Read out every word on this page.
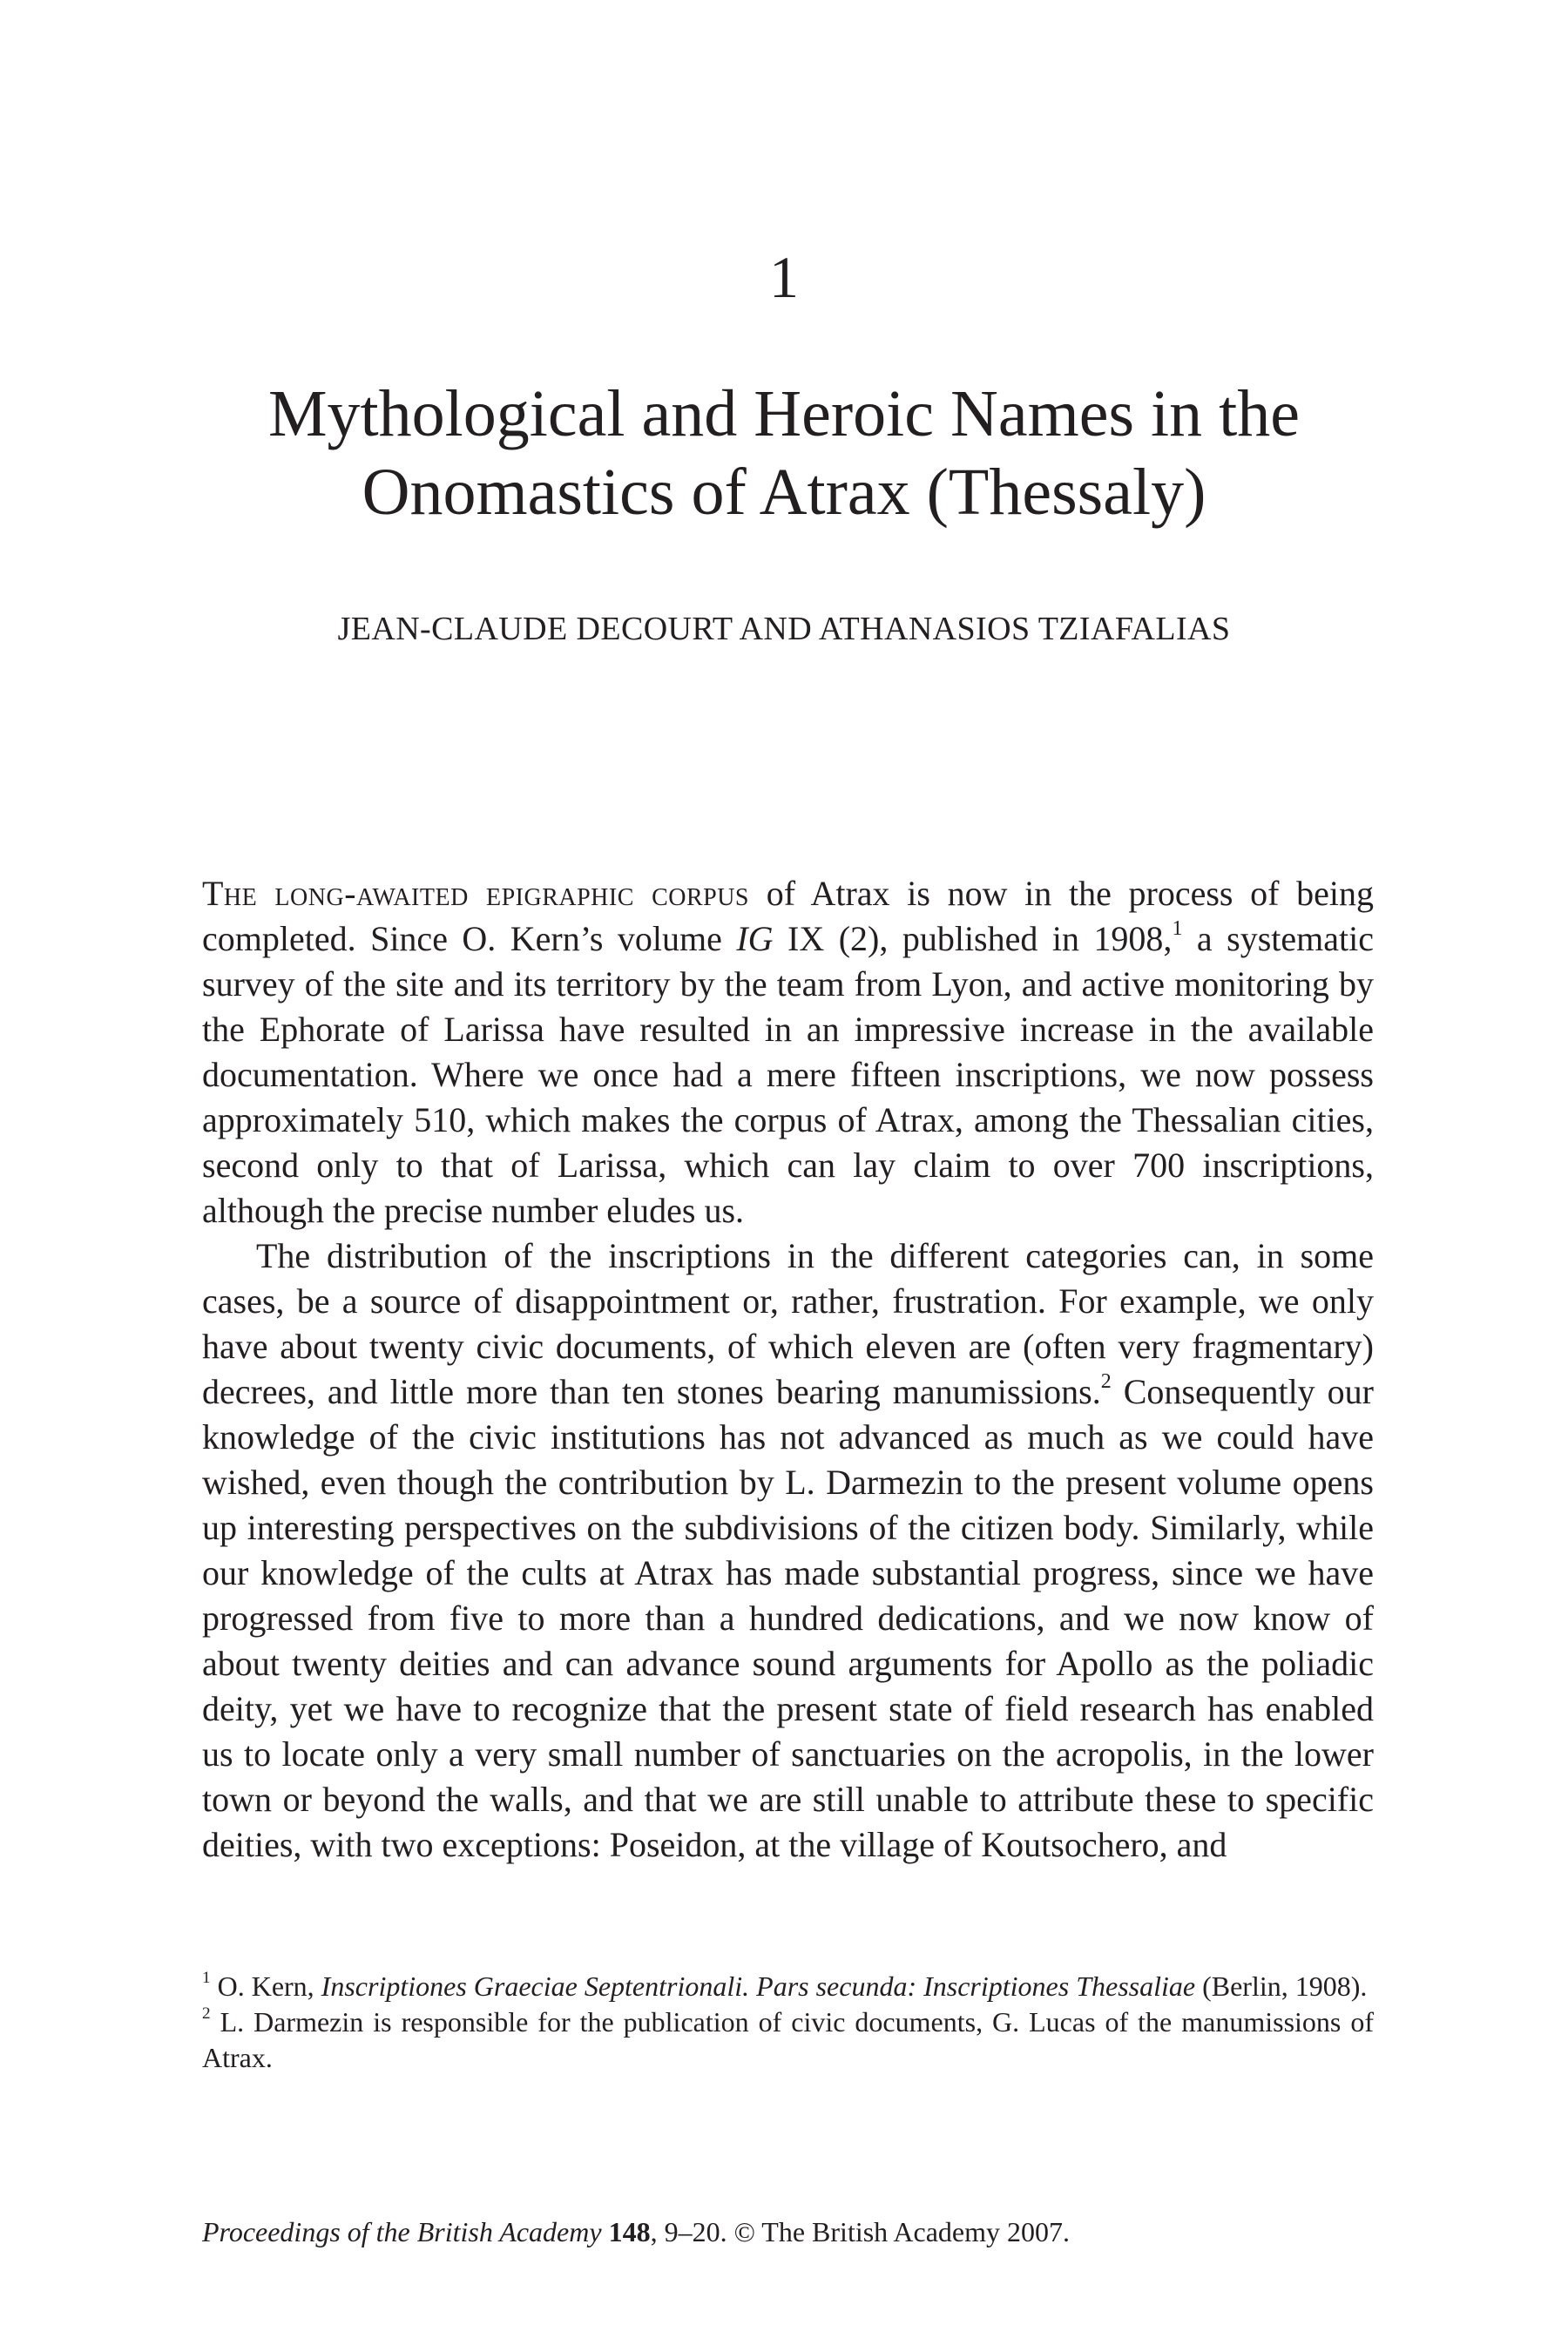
1
Mythological and Heroic Names in the
Onomastics of Atrax (Thessaly)
JEAN-CLAUDE DECOURT AND ATHANASIOS TZIAFALIAS

The long-awaited epigraphic corpus of Atrax is now in the process of being completed. Since O. Kern’s volume IG IX (2), published in 1908,$^1$ a systematic survey of the site and its territory by the team from Lyon, and active monitoring by the Ephorate of Larissa have resulted in an impressive increase in the available documentation. Where we once had a mere fifteen inscriptions, we now possess approximately 510, which makes the corpus of Atrax, among the Thessalian cities, second only to that of Larissa, which can lay claim to over 700 inscriptions, although the precise number eludes us.

The distribution of the inscriptions in the different categories can, in some cases, be a source of disappointment or, rather, frustration. For example, we only have about twenty civic documents, of which eleven are (often very fragmentary) decrees, and little more than ten stones bearing manumissions.$^2$ Consequently our knowledge of the civic institutions has not advanced as much as we could have wished, even though the contribution by L. Darmezin to the present volume opens up interesting perspectives on the subdivisions of the citizen body. Similarly, while our knowledge of the cults at Atrax has made substantial progress, since we have progressed from five to more than a hundred dedications, and we now know of about twenty deities and can advance sound arguments for Apollo as the poliadic deity, yet we have to recognize that the present state of field research has enabled us to locate only a very small number of sanctuaries on the acropolis, in the lower town or beyond the walls, and that we are still unable to attribute these to specific deities, with two exceptions: Poseidon, at the village of Koutsochero, and

$^1$ O. Kern, Inscriptiones Graeciae Septentrionali. Pars secunda: Inscriptiones Thessaliae (Berlin, 1908).

$^2$ L. Darmezin is responsible for the publication of civic documents, G. Lucas of the manumissions of Atrax.

Proceedings of the British Academy 148, 9–20. © The British Academy 2007.
